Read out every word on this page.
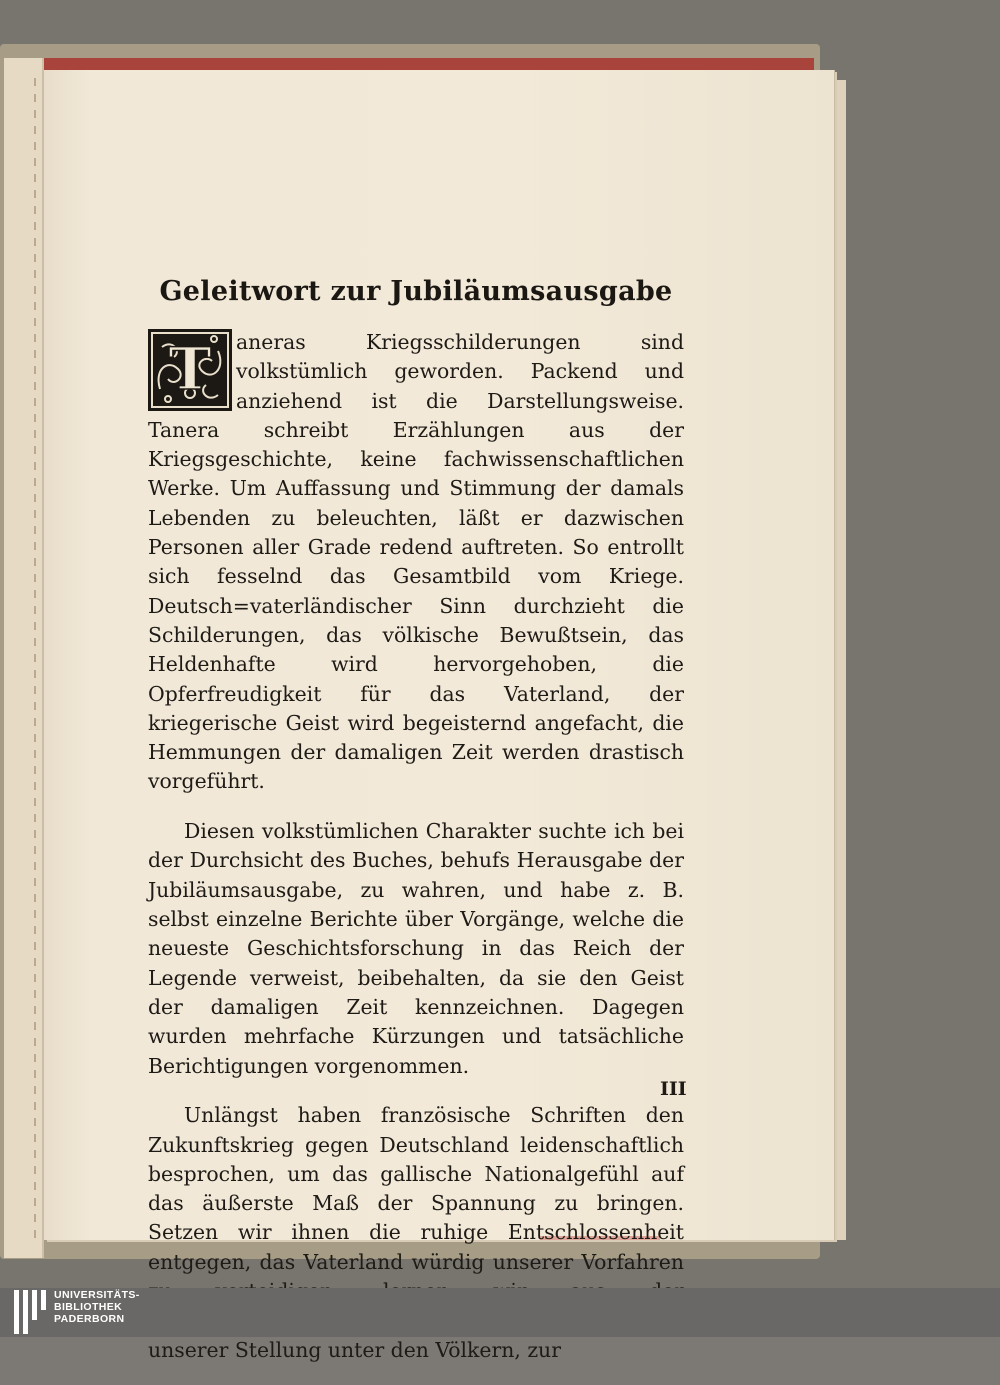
Geleitwort zur Jubiläumsausgabe
T	aneras Kriegsschilderungen sind volkstümlich geworden. Packend und anziehend ist die Darstellungsweise. Tanera schreibt Erzählungen aus der Kriegsgeschichte, keine fachwissenschaftlichen Werke. Um Auffassung und Stimmung der damals Lebenden zu beleuchten, läßt er dazwischen Personen aller Grade redend auftreten. So entrollt sich fesselnd das Gesamtbild vom Kriege. Deutsch=vaterländischer Sinn durchzieht die Schilderungen, das völkische Bewußtsein, das Heldenhafte wird hervorgehoben, die Opferfreudigkeit für das Vaterland, der kriegerische Geist wird begeisternd angefacht, die Hemmungen der damaligen Zeit werden drastisch vorgeführt.

Diesen volkstümlichen Charakter suchte ich bei der Durchsicht des Buches, behufs Herausgabe der Jubiläumsausgabe, zu wahren, und habe z. B. selbst einzelne Berichte über Vorgänge, welche die neueste Geschichtsforschung in das Reich der Legende verweist, beibehalten, da sie den Geist der damaligen Zeit kennzeichnen. Dagegen wurden mehrfache Kürzungen und tatsächliche Berichtigungen vorgenommen.

Unlängst haben französische Schriften den Zukunftskrieg gegen Deutschland leidenschaftlich besprochen, um das gallische Nationalgefühl auf das äußerste Maß der Spannung zu bringen. Setzen wir ihnen die ruhige Entschlossenheit entgegen, das Vaterland würdig unserer Vorfahren unserer Stellung unter den Völkern, zur

III
UNIVERSITÄTS-
BIBLIOTHEK
PADERBORN
